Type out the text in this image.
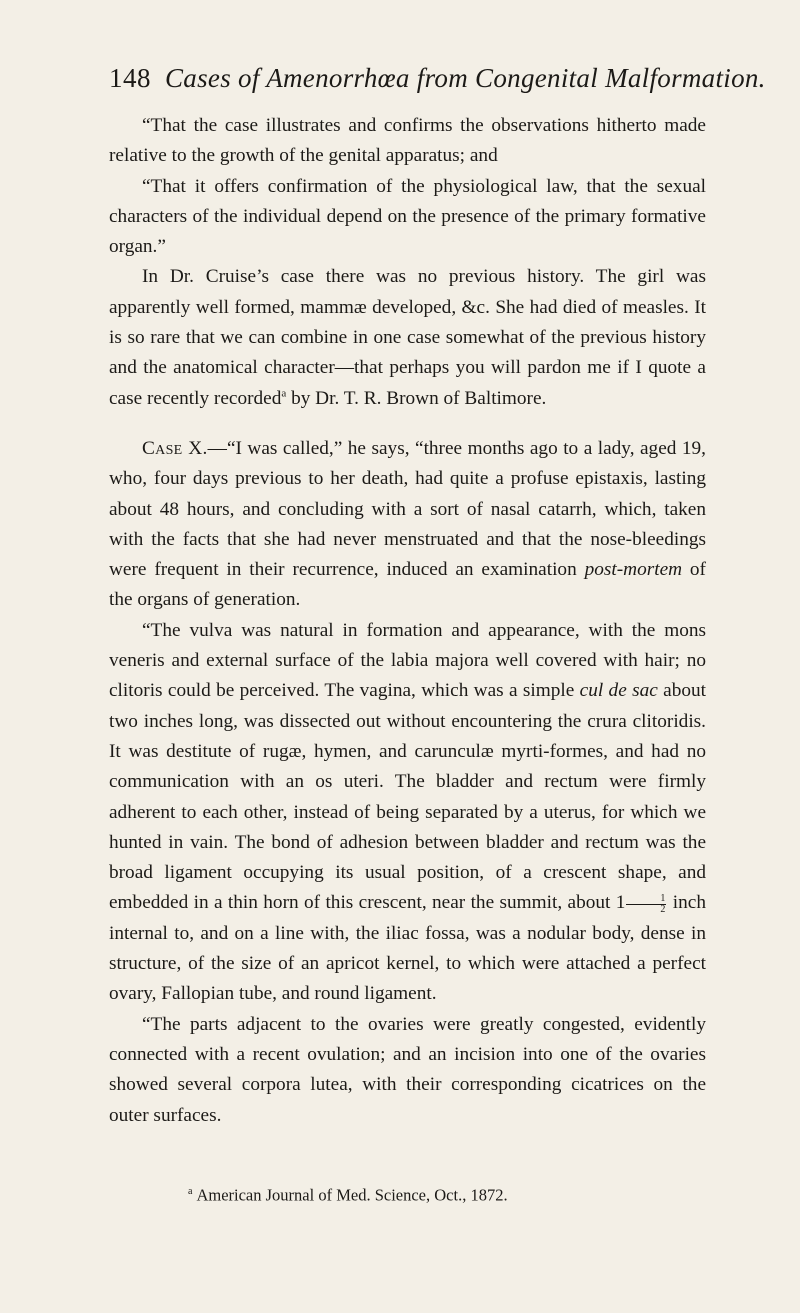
148 Cases of Amenorrhœa from Congenital Malformation.

“That the case illustrates and confirms the observations hitherto made relative to the growth of the genital apparatus; and

“That it offers confirmation of the physiological law, that the sexual characters of the individual depend on the presence of the primary formative organ.”

In Dr. Cruise’s case there was no previous history. The girl was apparently well formed, mammæ developed, &c. She had died of measles. It is so rare that we can combine in one case somewhat of the previous history and the anatomical character—that perhaps you will pardon me if I quote a case recently recorded$^a$ by Dr. T. R. Brown of Baltimore.

Case X.—“I was called,” he says, “three months ago to a lady, aged 19, who, four days previous to her death, had quite a profuse epistaxis, lasting about 48 hours, and concluding with a sort of nasal catarrh, which, taken with the facts that she had never menstruated and that the nose-bleedings were frequent in their recurrence, induced an examination post-mortem of the organs of generation.

“The vulva was natural in formation and appearance, with the mons veneris and external surface of the labia majora well covered with hair; no clitoris could be perceived. The vagina, which was a simple cul de sac about two inches long, was dissected out without encountering the crura clitoridis. It was destitute of rugæ, hymen, and carunculæ myrti-formes, and had no communication with an os uteri. The bladder and rectum were firmly adherent to each other, instead of being separated by a uterus, for which we hunted in vain. The bond of adhesion between bladder and rectum was the broad ligament occupying its usual position, of a crescent shape, and embedded in a thin horn of this crescent, near the summit, about $1 \frac{1}{2}$ inch internal to, and on a line with, the iliac fossa, was a nodular body, dense in structure, of the size of an apricot kernel, to which were attached a perfect ovary, Fallopian tube, and round ligament.

“The parts adjacent to the ovaries were greatly congested, evidently connected with a recent ovulation; and an incision into one of the ovaries showed several corpora lutea, with their corresponding cicatrices on the outer surfaces.

$^a$ American Journal of Med. Science, Oct., 1872.
